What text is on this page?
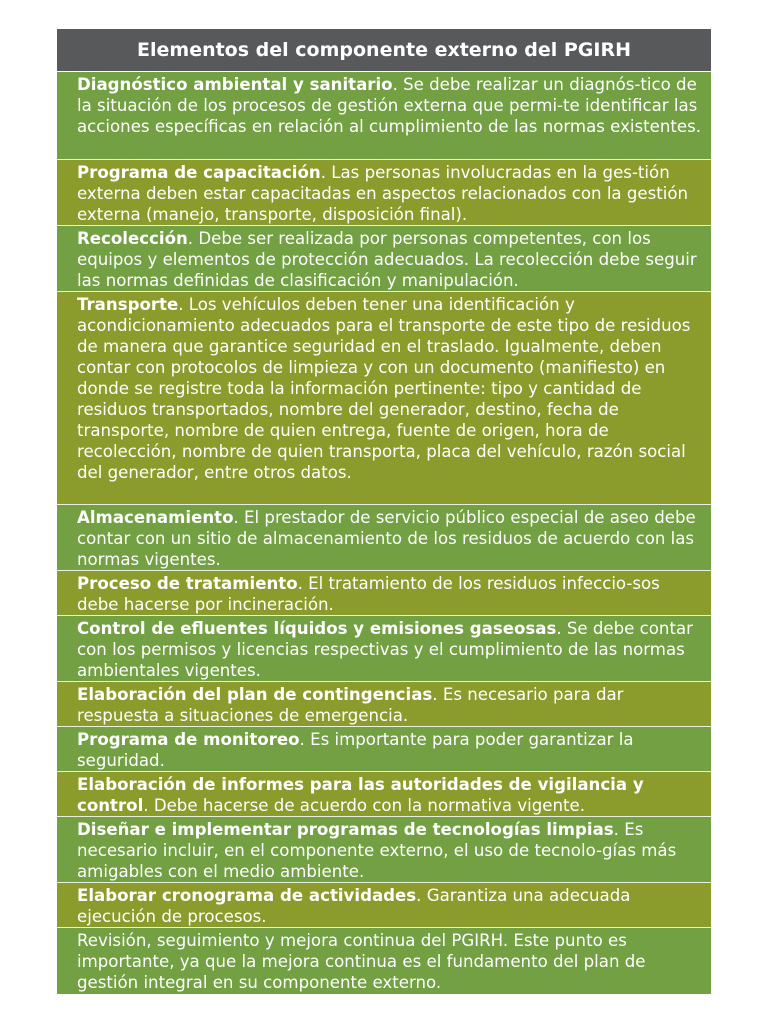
Elementos del componente externo del PGIRH
Diagnóstico ambiental y sanitario. Se debe realizar un diagnós-tico de la situación de los procesos de gestión externa que permi-te identificar las acciones específicas en relación al cumplimiento de las normas existentes.
Programa de capacitación. Las personas involucradas en la ges-tión externa deben estar capacitadas en aspectos relacionados con la gestión externa (manejo, transporte, disposición final).
Recolección. Debe ser realizada por personas competentes, con los equipos y elementos de protección adecuados. La recolección debe seguir las normas definidas de clasificación y manipulación.
Transporte. Los vehículos deben tener una identificación y acondicionamiento adecuados para el transporte de este tipo de residuos de manera que garantice seguridad en el traslado. Igualmente, deben contar con protocolos de limpieza y con un documento (manifiesto) en donde se registre toda la información pertinente: tipo y cantidad de residuos transportados, nombre del generador, destino, fecha de transporte, nombre de quien entrega, fuente de origen, hora de recolección, nombre de quien transporta, placa del vehículo, razón social del generador, entre otros datos.
Almacenamiento. El prestador de servicio público especial de aseo debe contar con un sitio de almacenamiento de los residuos de acuerdo con las normas vigentes.
Proceso de tratamiento. El tratamiento de los residuos infeccio-sos debe hacerse por incineración.
Control de efluentes líquidos y emisiones gaseosas. Se debe contar con los permisos y licencias respectivas y el cumplimiento de las normas ambientales vigentes.
Elaboración del plan de contingencias. Es necesario para dar respuesta a situaciones de emergencia.
Programa de monitoreo. Es importante para poder garantizar la seguridad.
Elaboración de informes para las autoridades de vigilancia y control. Debe hacerse de acuerdo con la normativa vigente.
Diseñar e implementar programas de tecnologías limpias. Es necesario incluir, en el componente externo, el uso de tecnolo-gías más amigables con el medio ambiente.
Elaborar cronograma de actividades. Garantiza una adecuada ejecución de procesos.
Revisión, seguimiento y mejora continua del PGIRH. Este punto es importante, ya que la mejora continua es el fundamento del plan de gestión integral en su componente externo.
